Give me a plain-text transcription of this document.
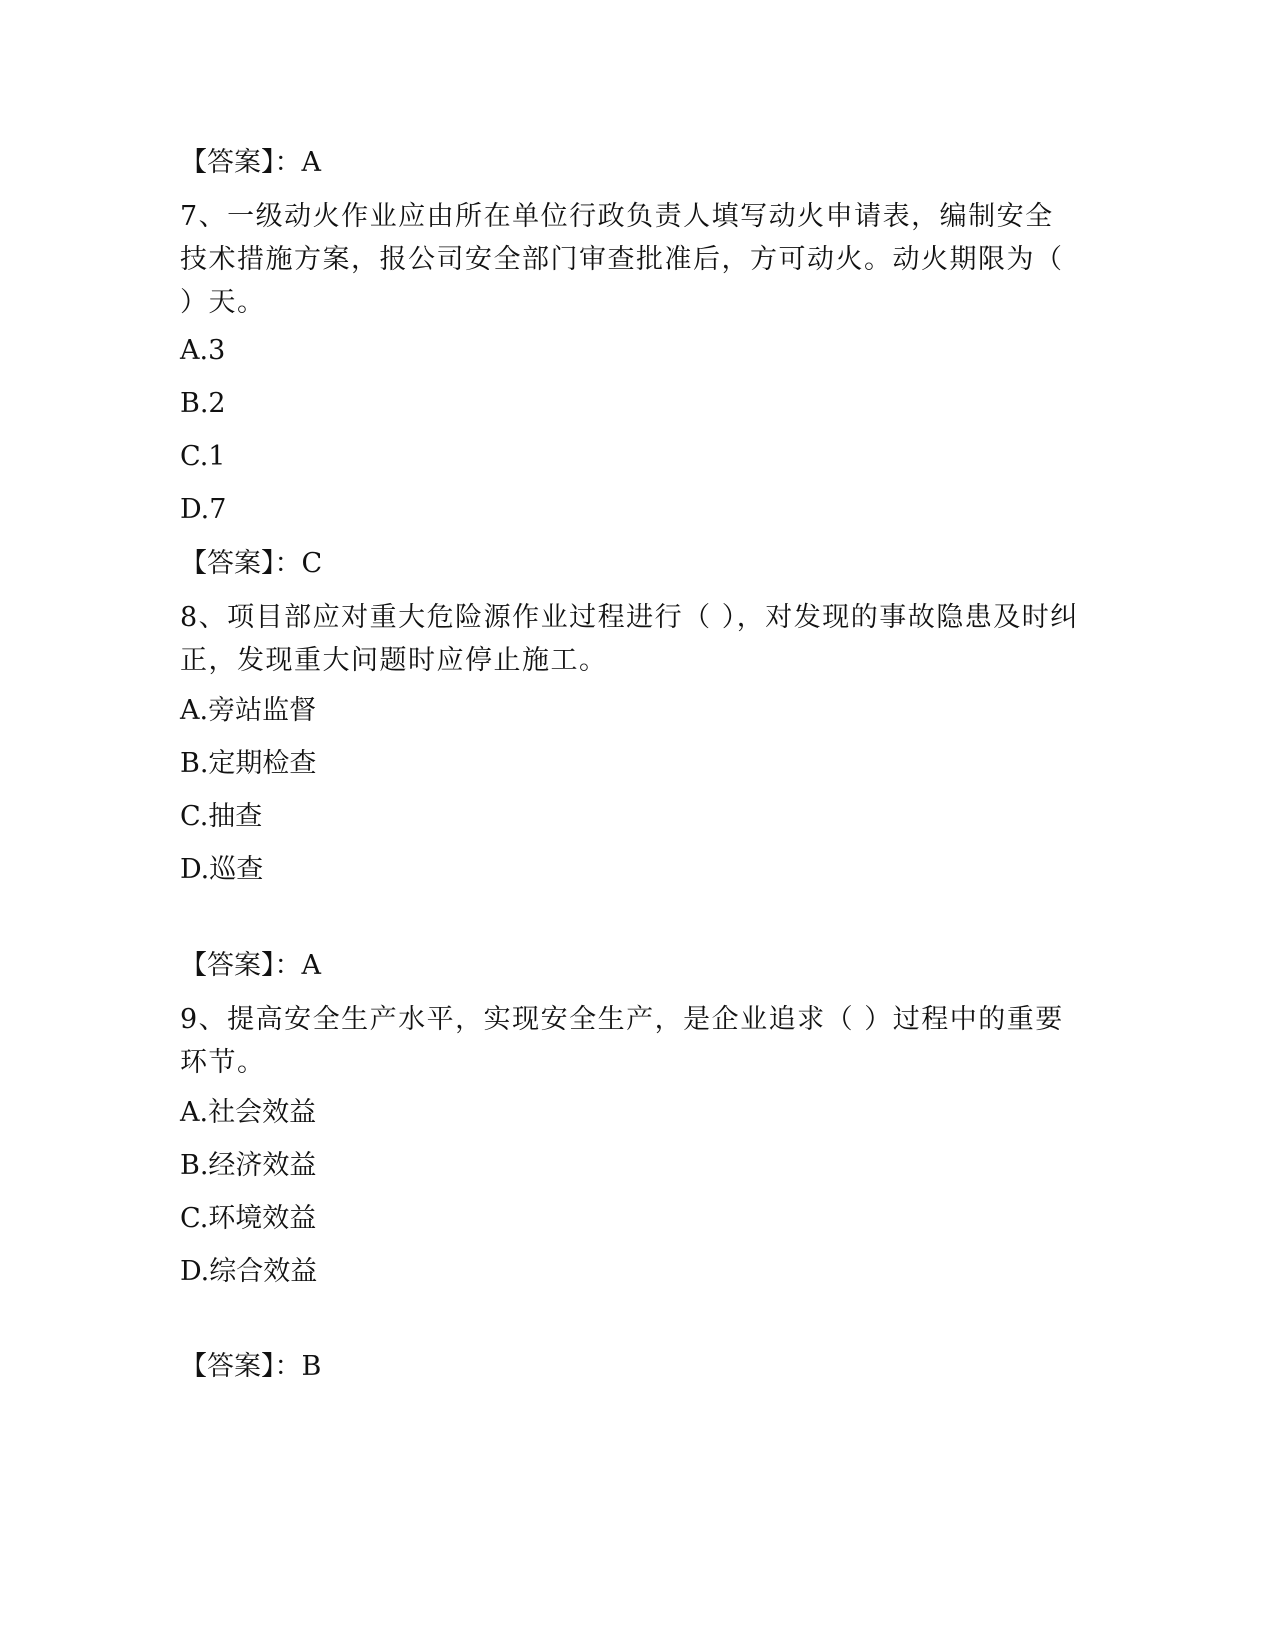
【答案】：A
7、一级动火作业应由所在单位行政负责人填写动火申请表，编制安全技术措施方案，报公司安全部门审查批准后，方可动火。动火期限为（　　）天。
A.3
B.2
C.1
D.7
【答案】：C
8、项目部应对重大危险源作业过程进行（ ），对发现的事故隐患及时纠正，发现重大问题时应停止施工。
A.旁站监督
B.定期检查
C.抽查
D.巡查
【答案】：A
9、提高安全生产水平，实现安全生产，是企业追求（ ）过程中的重要环节。
A.社会效益
B.经济效益
C.环境效益
D.综合效益
【答案】：B
